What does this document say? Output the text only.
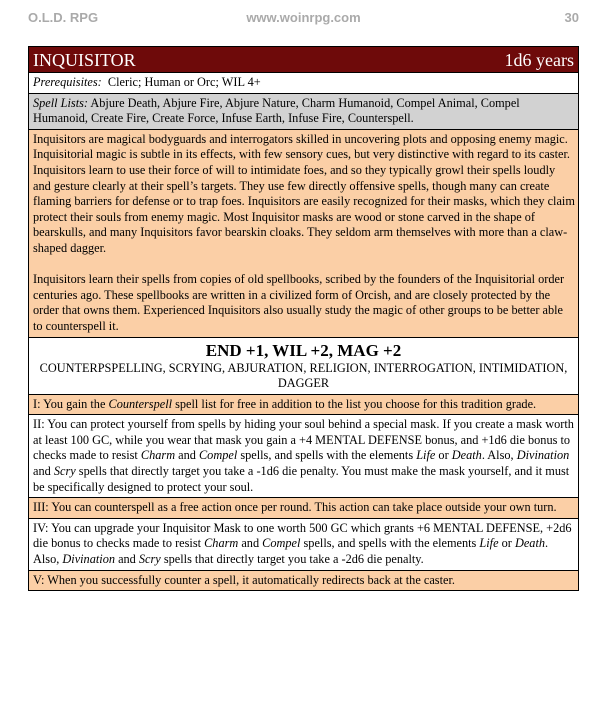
O.L.D. RPG	www.woinrpg.com	30
INQUISITOR	1d6 years
Prerequisites: Cleric; Human or Orc; WIL 4+
Spell Lists: Abjure Death, Abjure Fire, Abjure Nature, Charm Humanoid, Compel Animal, Compel Humanoid, Create Fire, Create Force, Infuse Earth, Infuse Fire, Counterspell.
Inquisitors are magical bodyguards and interrogators skilled in uncovering plots and opposing enemy magic. Inquisitorial magic is subtle in its effects, with few sensory cues, but very distinctive with regard to its caster. Inquisitors learn to use their force of will to intimidate foes, and so they typically growl their spells loudly and gesture clearly at their spell’s targets. They use few directly offensive spells, though many can create flaming barriers for defense or to trap foes. Inquisitors are easily recognized for their masks, which they claim protect their souls from enemy magic. Most Inquisitor masks are wood or stone carved in the shape of bearskulls, and many Inquisitors favor bearskin cloaks. They seldom arm themselves with more than a claw-shaped dagger.
Inquisitors learn their spells from copies of old spellbooks, scribed by the founders of the Inquisitorial order centuries ago. These spellbooks are written in a civilized form of Orcish, and are closely protected by the order that owns them. Experienced Inquisitors also usually study the magic of other groups to be better able to counterspell it.
END +1, WIL +2, MAG +2
COUNTERPSPELLING, SCRYING, ABJURATION, RELIGION, INTERROGATION, INTIMIDATION, DAGGER
I: You gain the Counterspell spell list for free in addition to the list you choose for this tradition grade.
II: You can protect yourself from spells by hiding your soul behind a special mask. If you create a mask worth at least 100 GC, while you wear that mask you gain a +4 MENTAL DEFENSE bonus, and +1d6 die bonus to checks made to resist Charm and Compel spells, and spells with the elements Life or Death. Also, Divination and Scry spells that directly target you take a -1d6 die penalty. You must make the mask yourself, and it must be specifically designed to protect your soul.
III: You can counterspell as a free action once per round. This action can take place outside your own turn.
IV: You can upgrade your Inquisitor Mask to one worth 500 GC which grants +6 MENTAL DEFENSE, +2d6 die bonus to checks made to resist Charm and Compel spells, and spells with the elements Life or Death. Also, Divination and Scry spells that directly target you take a -2d6 die penalty.
V: When you successfully counter a spell, it automatically redirects back at the caster.
